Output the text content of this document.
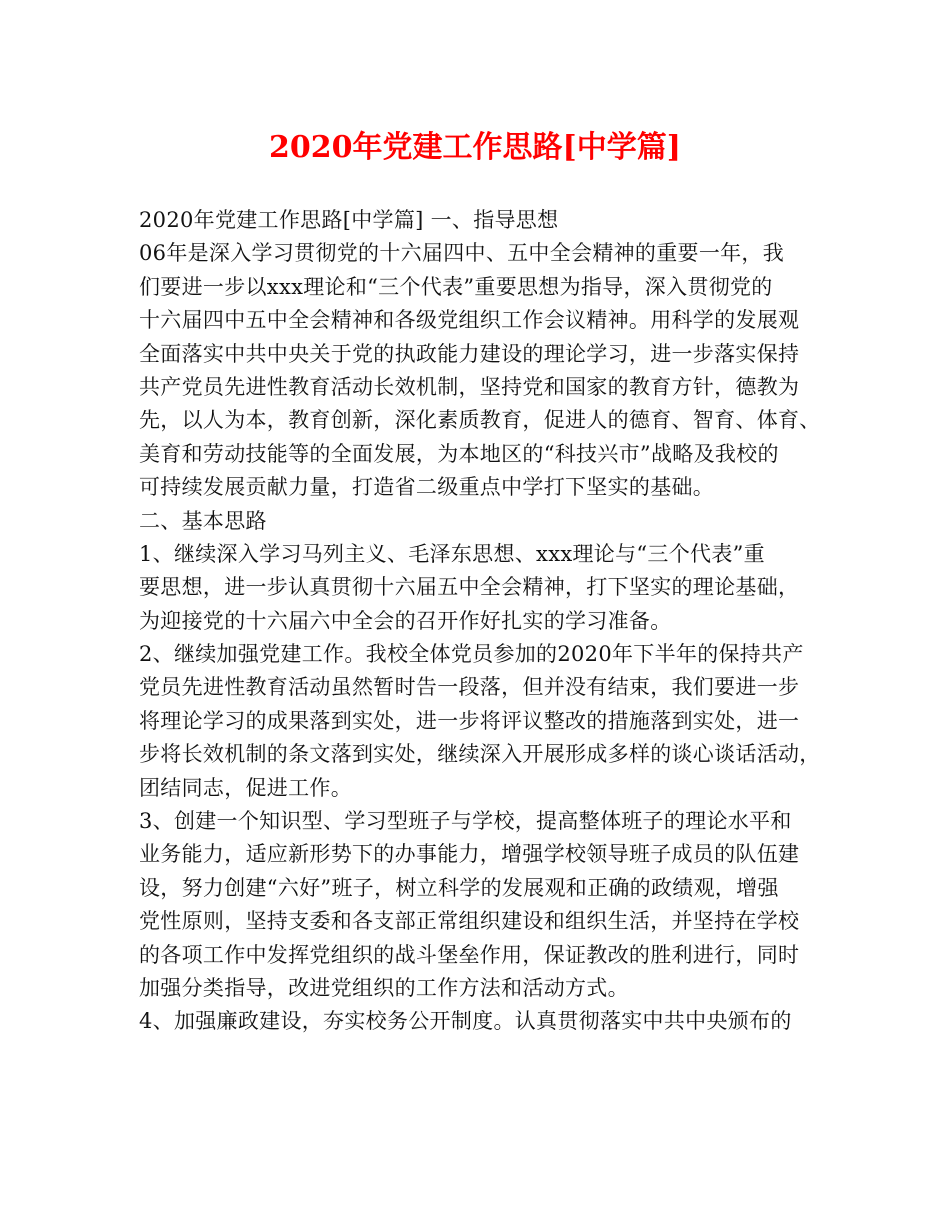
2020年党建工作思路[中学篇]
2020年党建工作思路[中学篇] 一、指导思想
06年是深入学习贯彻党的十六届四中、五中全会精神的重要一年，我
们要进一步以xxx理论和“三个代表”重要思想为指导，深入贯彻党的
十六届四中五中全会精神和各级党组织工作会议精神。用科学的发展观
全面落实中共中央关于党的执政能力建设的理论学习，进一步落实保持
共产党员先进性教育活动长效机制，坚持党和国家的教育方针，德教为
先，以人为本，教育创新，深化素质教育，促进人的德育、智育、体育、
美育和劳动技能等的全面发展，为本地区的“科技兴市”战略及我校的
可持续发展贡献力量，打造省二级重点中学打下坚实的基础。
二、基本思路
1、继续深入学习马列主义、毛泽东思想、xxx理论与“三个代表”重
要思想，进一步认真贯彻十六届五中全会精神，打下坚实的理论基础，
为迎接党的十六届六中全会的召开作好扎实的学习准备。
2、继续加强党建工作。我校全体党员参加的2020年下半年的保持共产
党员先进性教育活动虽然暂时告一段落，但并没有结束，我们要进一步
将理论学习的成果落到实处，进一步将评议整改的措施落到实处，进一
步将长效机制的条文落到实处，继续深入开展形成多样的谈心谈话活动，
团结同志，促进工作。
3、创建一个知识型、学习型班子与学校，提高整体班子的理论水平和
业务能力，适应新形势下的办事能力，增强学校领导班子成员的队伍建
设，努力创建“六好”班子，树立科学的发展观和正确的政绩观，增强
党性原则，坚持支委和各支部正常组织建设和组织生活，并坚持在学校
的各项工作中发挥党组织的战斗堡垒作用，保证教改的胜利进行，同时
加强分类指导，改进党组织的工作方法和活动方式。
4、加强廉政建设，夯实校务公开制度。认真贯彻落实中共中央颁布的
